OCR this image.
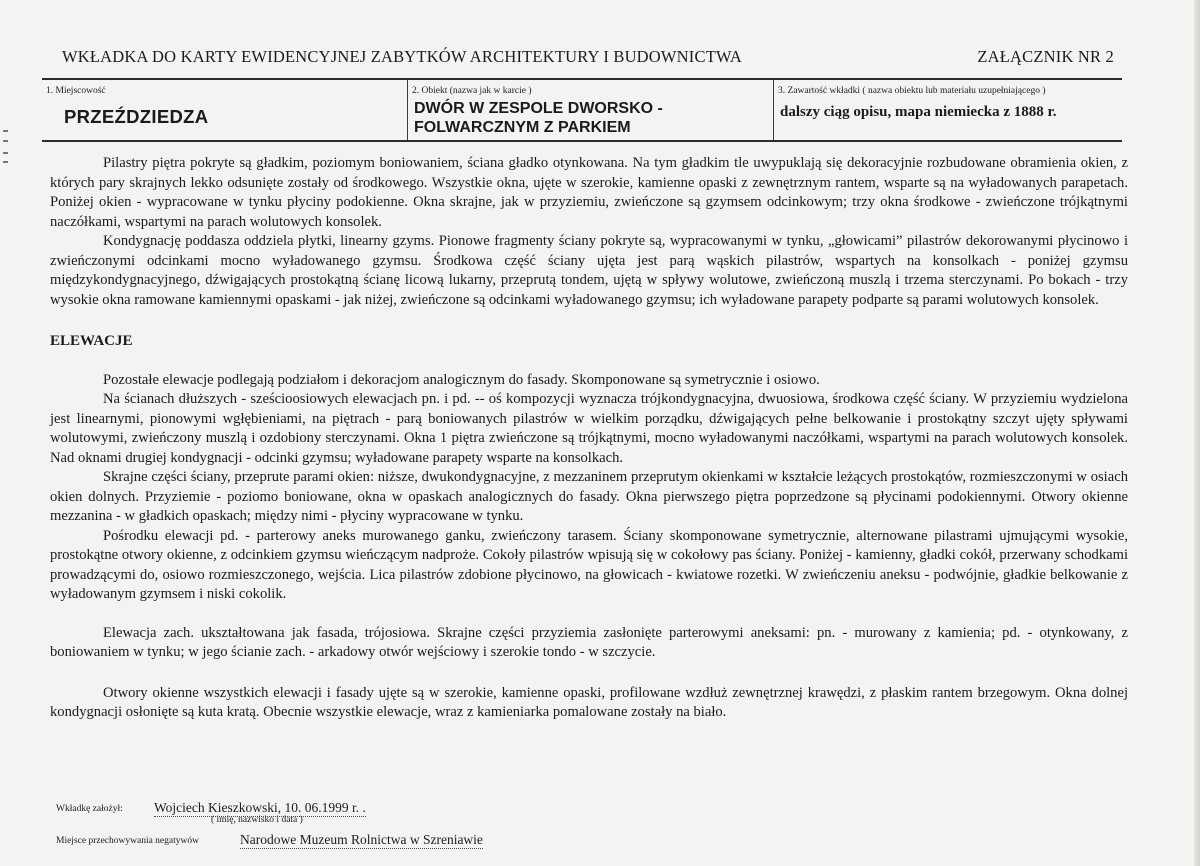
WKŁADKA DO KARTY EWIDENCYJNEJ ZABYTKÓW ARCHITEKTURY I BUDOWNICTWA	ZAŁĄCZNIK NR 2
1. Miejscowość
PRZEŹDZIEDZA
2. Obiekt (nazwa jak w karcie )
DWÓR W ZESPOLE DWORSKO - FOLWARCZNYM Z PARKIEM
3. Zawartość wkładki ( nazwa obiektu lub materiału uzupełniającego )
dalszy ciąg opisu, mapa niemiecka z 1888 r.

Pilastry piętra pokryte są gładkim, poziomym boniowaniem, ściana gładko otynkowana. Na tym gładkim tle uwypuklają się dekoracyjnie rozbudowane obramienia okien, z których pary skrajnych lekko odsunięte zostały od środkowego. Wszystkie okna, ujęte w szerokie, kamienne opaski z zewnętrznym rantem, wsparte są na wyładowanych parapetach. Poniżej okien - wypracowane w tynku płyciny podokienne. Okna skrajne, jak w przyziemiu, zwieńczone są gzymsem odcinkowym; trzy okna środkowe - zwieńczone trójkątnymi naczółkami, wspartymi na parach wolutowych konsolek.

Kondygnację poddasza oddziela płytki, linearny gzyms. Pionowe fragmenty ściany pokryte są, wypracowanymi w tynku, „głowicami” pilastrów dekorowanymi płycinowo i zwieńczonymi odcinkami mocno wyładowanego gzymsu. Środkowa część ściany ujęta jest parą wąskich pilastrów, wspartych na konsolkach - poniżej gzymsu międzykondygnacyjnego, dźwigających prostokątną ścianę licową lukarny, przeprutą tondem, ujętą w spływy wolutowe, zwieńczoną muszlą i trzema sterczynami. Po bokach - trzy wysokie okna ramowane kamiennymi opaskami - jak niżej, zwieńczone są odcinkami wyładowanego gzymsu; ich wyładowane parapety podparte są parami wolutowych konsolek.

ELEWACJE

Pozostałe elewacje podlegają podziałom i dekoracjom analogicznym do fasady. Skomponowane są symetrycznie i osiowo.

Na ścianach dłuższych - sześcioosiowych elewacjach pn. i pd. -- oś kompozycji wyznacza trójkondygnacyjna, dwuosiowa, środkowa część ściany. W przyziemiu wydzielona jest linearnymi, pionowymi wgłębieniami, na piętrach - parą boniowanych pilastrów w wielkim porządku, dźwigających pełne belkowanie i prostokątny szczyt ujęty spływami wolutowymi, zwieńczony muszlą i ozdobiony sterczynami. Okna 1 piętra zwieńczone są trójkątnymi, mocno wyładowanymi naczółkami, wspartymi na parach wolutowych konsolek. Nad oknami drugiej kondygnacji - odcinki gzymsu; wyładowane parapety wsparte na konsolkach.

Skrajne części ściany, przeprute parami okien: niższe, dwukondygnacyjne, z mezzaninem przeprutym okienkami w kształcie leżących prostokątów, rozmieszczonymi w osiach okien dolnych. Przyziemie - poziomo boniowane, okna w opaskach analogicznych do fasady. Okna pierwszego piętra poprzedzone są płycinami podokiennymi. Otwory okienne mezzanina - w gładkich opaskach; między nimi - płyciny wypracowane w tynku.

Pośrodku elewacji pd. - parterowy aneks murowanego ganku, zwieńczony tarasem. Ściany skomponowane symetrycznie, alternowane pilastrami ujmującymi wysokie, prostokątne otwory okienne, z odcinkiem gzymsu wieńczącym nadproże. Cokoły pilastrów wpisują się w cokołowy pas ściany. Poniżej - kamienny, gładki cokół, przerwany schodkami prowadzącymi do, osiowo rozmieszczonego, wejścia. Lica pilastrów zdobione płycinowo, na głowicach - kwiatowe rozetki. W zwieńczeniu aneksu - podwójnie, gładkie belkowanie z wyładowanym gzymsem i niski cokolik.

Elewacja zach. ukształtowana jak fasada, trójosiowa. Skrajne części przyziemia zasłonięte parterowymi aneksami: pn. - murowany z kamienia; pd. - otynkowany, z boniowaniem w tynku; w jego ścianie zach. - arkadowy otwór wejściowy i szerokie tondo - w szczycie.

Otwory okienne wszystkich elewacji i fasady ujęte są w szerokie, kamienne opaski, profilowane wzdłuż zewnętrznej krawędzi, z płaskim rantem brzegowym. Okna dolnej kondygnacji osłonięte są kuta kratą. Obecnie wszystkie elewacje, wraz z kamieniarka pomalowane zostały na biało.

Wkładkę założył: Wojciech Kieszkowski, 10. 06.1999 r. .
( imię, nazwisko i data )
Miejsce przechowywania negatywów	Narodowe Muzeum Rolnictwa w Szreniawie
